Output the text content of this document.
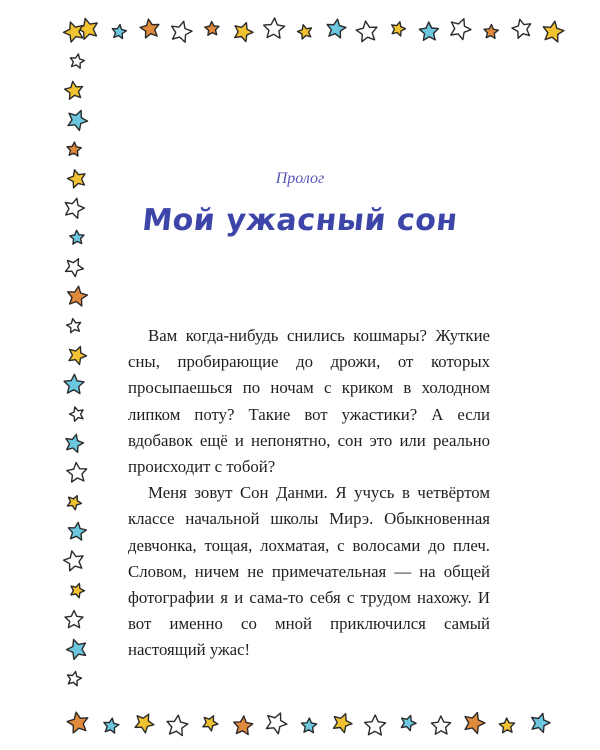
Пролог
Мой ужасный сон

Вам когда-нибудь снились кошмары? Жуткие сны, пробирающие до дрожи, от которых просыпаешься по ночам с криком в холодном липком поту? Такие вот ужастики? А если вдобавок ещё и непонятно, сон это или реально происходит с тобой?

Меня зовут Сон Данми. Я учусь в четвёртом классе начальной школы Мирэ. Обыкновенная девчонка, тощая, лохматая, с волосами до плеч. Словом, ничем не примечательная — на общей фотографии я и сама-то себя с трудом нахожу. И вот именно со мной приключился самый настоящий ужас!
